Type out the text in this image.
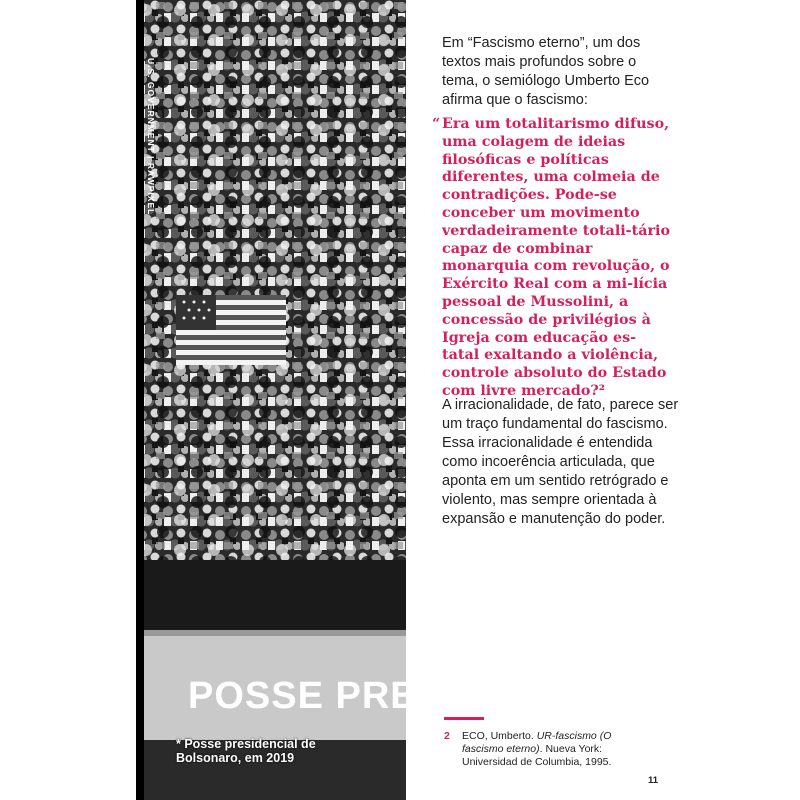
POSSE PRES
U.S. GOVERNMENT | RAWPIXEL
* Posse presidencial de Bolsonaro, em 2019
Em “Fascismo eterno”, um dos textos mais profundos sobre o tema, o semiólogo Umberto Eco afirma que o fascismo:
“ Era um totalitarismo difuso, uma colagem de ideias filosóficas e políticas diferentes, uma colmeia de contradições. Pode-se conceber um movimento verdadeiramente totali-tário capaz de combinar monarquia com revolução, o Exército Real com a mi-lícia pessoal de Mussolini, a concessão de privilégios à Igreja com educação es-tatal exaltando a violência, controle absoluto do Estado com livre mercado?²
A irracionalidade, de fato, parece ser um traço fundamental do fascismo. Essa irracionalidade é entendida como incoerência articulada, que aponta em um sentido retrógrado e violento, mas sempre orientada à expansão e manutenção do poder.
2 ECO, Umberto. UR-fascismo (O fascismo eterno). Nueva York: Universidad de Columbia, 1995.
11
